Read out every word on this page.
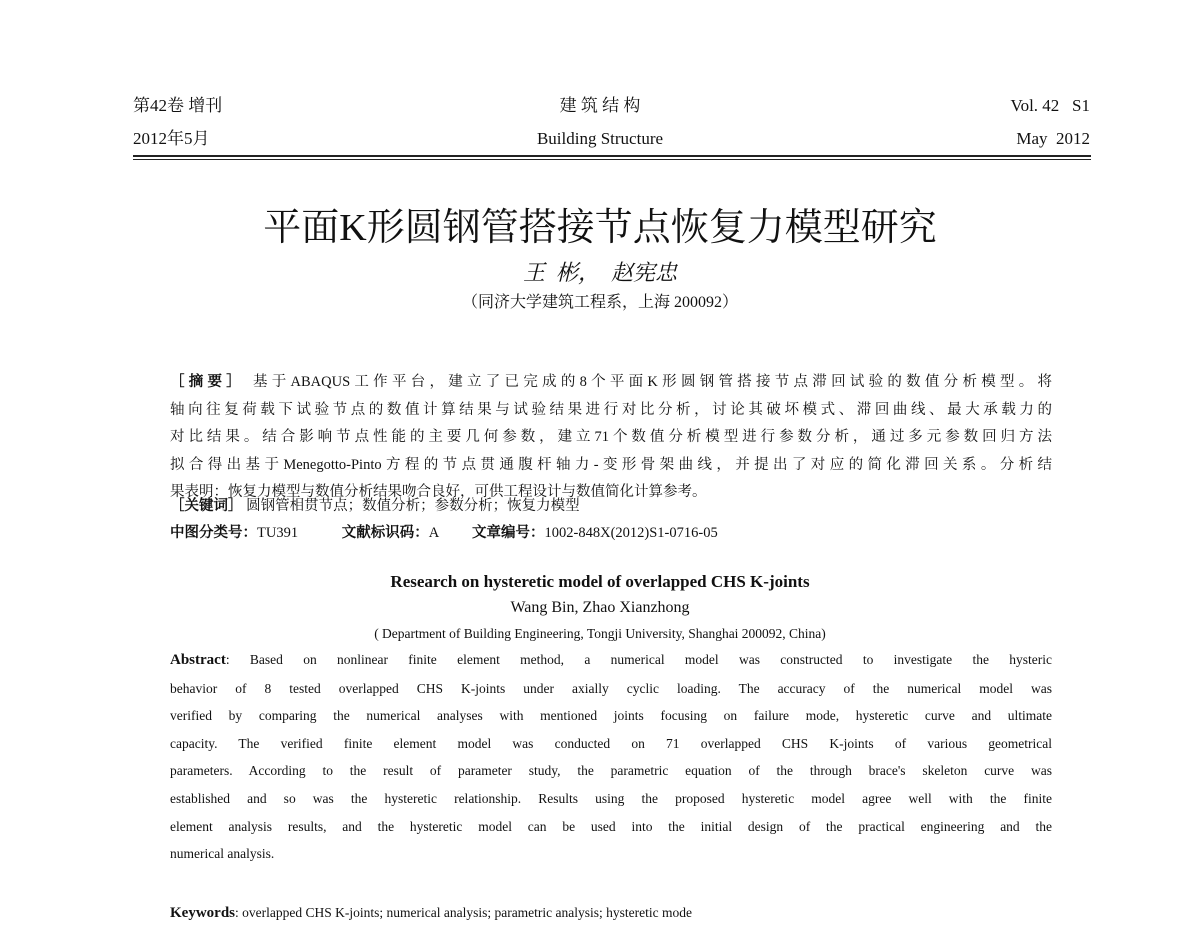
第42卷 增刊
2012年5月
建 筑 结 构
Building Structure
Vol. 42   S1
May  2012
平面K形圆钢管搭接节点恢复力模型研究
王  彬，  赵宪忠
（同济大学建筑工程系，上海 200092）
［摘要］ 基于ABAQUS工作平台，建立了已完成的8个平面K形圆钢管搭接节点滞回试验的数值分析模型。将
轴向往复荷载下试验节点的数值计算结果与试验结果进行对比分析，讨论其破坏模式、滞回曲线、最大承载力的
对比结果。结合影响节点性能的主要几何参数，建立71个数值分析模型进行参数分析，通过多元参数回归方法
拟合得出基于Menegotto-Pinto方程的节点贯通腹杆轴力-变形骨架曲线，并提出了对应的简化滞回关系。分析结
果表明：恢复力模型与数值分析结果吻合良好，可供工程设计与数值简化计算参考。
［关键词］ 圆钢管相贯节点；数值分析；参数分析；恢复力模型
中图分类号：TU391	文献标识码：A 文章编号：1002-848X(2012)S1-0716-05
Research on hysteretic model of overlapped CHS K-joints
Wang Bin, Zhao Xianzhong
( Department of Building Engineering, Tongji University, Shanghai 200092, China)
Abstract: Based on nonlinear finite element method, a numerical model was constructed to investigate the hysteric
behavior of 8 tested overlapped CHS K-joints under axially cyclic loading. The accuracy of the numerical model was
verified by comparing the numerical analyses with mentioned joints focusing on failure mode, hysteretic curve and ultimate
capacity. The verified finite element model was conducted on 71 overlapped CHS K-joints of various geometrical
parameters. According to the result of parameter study, the parametric equation of the through brace's skeleton curve was
established and so was the hysteretic relationship. Results using the proposed hysteretic model agree well with the finite
element analysis results, and the hysteretic model can be used into the initial design of the practical engineering and the
numerical analysis.
Keywords: overlapped CHS K-joints; numerical analysis; parametric analysis; hysteretic mode
